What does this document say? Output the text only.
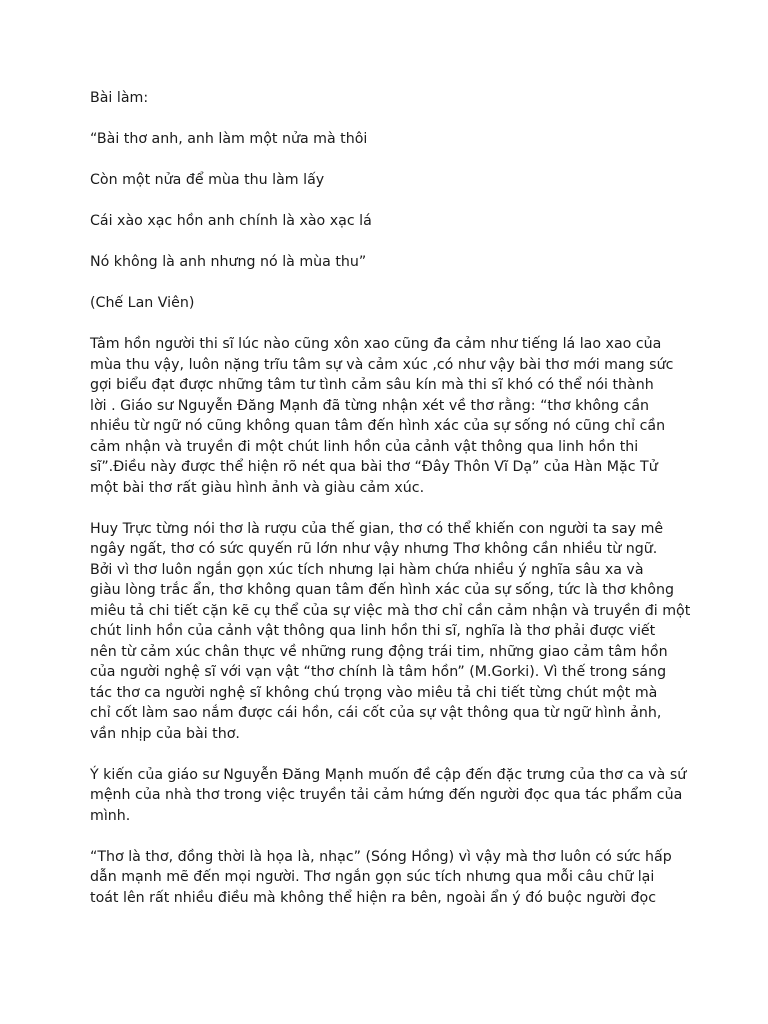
Bài làm:

“Bài thơ anh, anh làm một nửa mà thôi

Còn một nửa để mùa thu làm lấy

Cái xào xạc hồn anh chính là xào xạc lá

Nó không là anh nhưng nó là mùa thu”

(Chế Lan Viên)

Tâm hồn người thi sĩ lúc nào cũng xôn xao cũng đa cảm như tiếng lá lao xao của

mùa thu vậy, luôn nặng trĩu tâm sự và cảm xúc ,có như vậy bài thơ mới mang sức

gợi biểu đạt được những tâm tư tình cảm sâu kín mà thi sĩ khó có thể nói thành

lời . Giáo sư Nguyễn Đăng Mạnh đã từng nhận xét về thơ rằng: “thơ không cần

nhiều từ ngữ nó cũng không quan tâm đến hình xác của sự sống nó cũng chỉ cần

cảm nhận và truyền đi một chút linh hồn của cảnh vật thông qua linh hồn thi

sĩ”.Điều này được thể hiện rõ nét qua bài thơ “Đây Thôn Vĩ Dạ” của Hàn Mặc Tử

một bài thơ rất giàu hình ảnh và giàu cảm xúc.

Huy Trực từng nói thơ là rượu của thế gian, thơ có thể khiến con người ta say mê

ngây ngất, thơ có sức quyến rũ lớn như vậy nhưng Thơ không cần nhiều từ ngữ.

Bởi vì thơ luôn ngắn gọn xúc tích nhưng lại hàm chứa nhiều ý nghĩa sâu xa và

giàu lòng trắc ẩn, thơ không quan tâm đến hình xác của sự sống, tức là thơ không

miêu tả chi tiết cặn kẽ cụ thể của sự việc mà thơ chỉ cần cảm nhận và truyền đi một

chút linh hồn của cảnh vật thông qua linh hồn thi sĩ, nghĩa là thơ phải được viết

nên từ cảm xúc chân thực về những rung động trái tim, những giao cảm tâm hồn

của người nghệ sĩ với vạn vật “thơ chính là tâm hồn” (M.Gorki). Vì thế trong sáng

tác thơ ca người nghệ sĩ không chú trọng vào miêu tả chi tiết từng chút một mà

chỉ cốt làm sao nắm được cái hồn, cái cốt của sự vật thông qua từ ngữ hình ảnh,

vần nhịp của bài thơ.

Ý kiến của giáo sư Nguyễn Đăng Mạnh muốn đề cập đến đặc trưng của thơ ca và sứ

mệnh của nhà thơ trong việc truyền tải cảm hứng đến người đọc qua tác phẩm của

mình.

“Thơ là thơ, đồng thời là họa là, nhạc” (Sóng Hồng) vì vậy mà thơ luôn có sức hấp

dẫn mạnh mẽ đến mọi người. Thơ ngắn gọn súc tích nhưng qua mỗi câu chữ lại

toát lên rất nhiều điều mà không thể hiện ra bên, ngoài ẩn ý đó buộc người đọc
